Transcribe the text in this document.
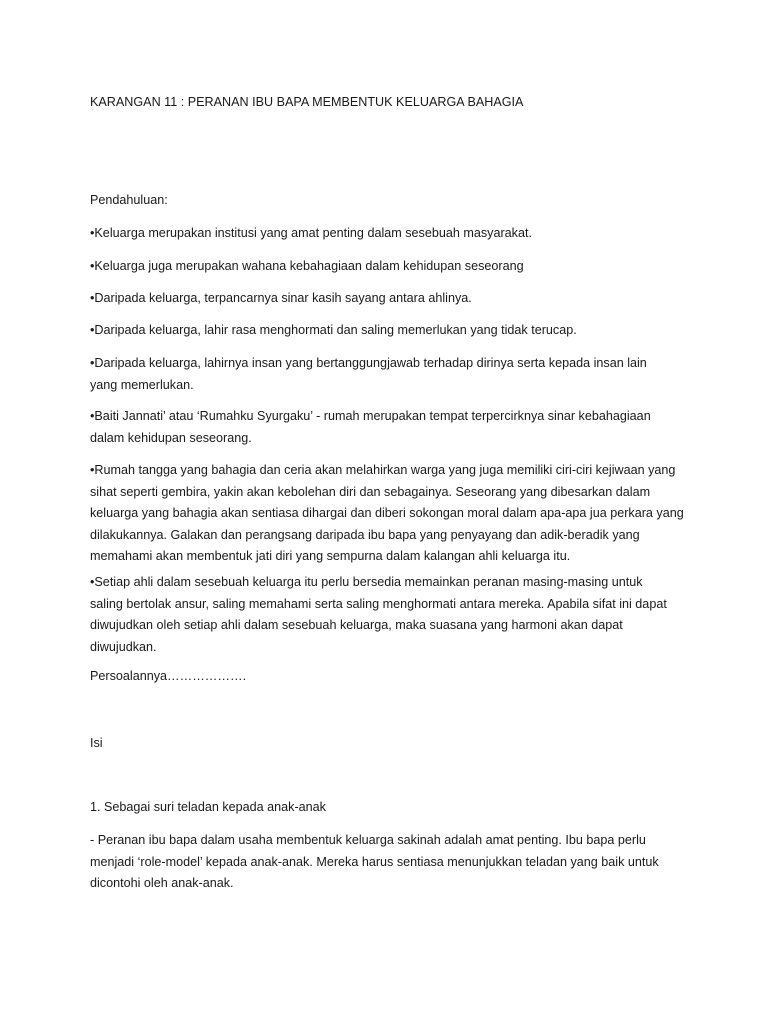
KARANGAN 11 : PERANAN IBU BAPA MEMBENTUK KELUARGA BAHAGIA

Pendahuluan:

•Keluarga merupakan institusi yang amat penting dalam sesebuah masyarakat.

•Keluarga juga merupakan wahana kebahagiaan dalam kehidupan seseorang

•Daripada keluarga, terpancarnya sinar kasih sayang antara ahlinya.

•Daripada keluarga, lahir rasa menghormati dan saling memerlukan yang tidak terucap.

•Daripada keluarga, lahirnya insan yang bertanggungjawab terhadap dirinya serta kepada insan lain yang memerlukan.

•Baiti Jannati’ atau ‘Rumahku Syurgaku’ - rumah merupakan tempat terpercirknya sinar kebahagiaan dalam kehidupan seseorang.

•Rumah tangga yang bahagia dan ceria akan melahirkan warga yang juga memiliki ciri-ciri kejiwaan yang sihat seperti gembira, yakin akan kebolehan diri dan sebagainya. Seseorang yang dibesarkan dalam keluarga yang bahagia akan sentiasa dihargai dan diberi sokongan moral dalam apa-apa jua perkara yang dilakukannya. Galakan dan perangsang daripada ibu bapa yang penyayang dan adik-beradik yang memahami akan membentuk jati diri yang sempurna dalam kalangan ahli keluarga itu.

•Setiap ahli dalam sesebuah keluarga itu perlu bersedia memainkan peranan masing-masing untuk saling bertolak ansur, saling memahami serta saling menghormati antara mereka. Apabila sifat ini dapat diwujudkan oleh setiap ahli dalam sesebuah keluarga, maka suasana yang harmoni akan dapat diwujudkan.

Persoalannya……………….

Isi

1. Sebagai suri teladan kepada anak-anak

- Peranan ibu bapa dalam usaha membentuk keluarga sakinah adalah amat penting. Ibu bapa perlu menjadi ‘role-model’ kepada anak-anak. Mereka harus sentiasa menunjukkan teladan yang baik untuk dicontohi oleh anak-anak.
